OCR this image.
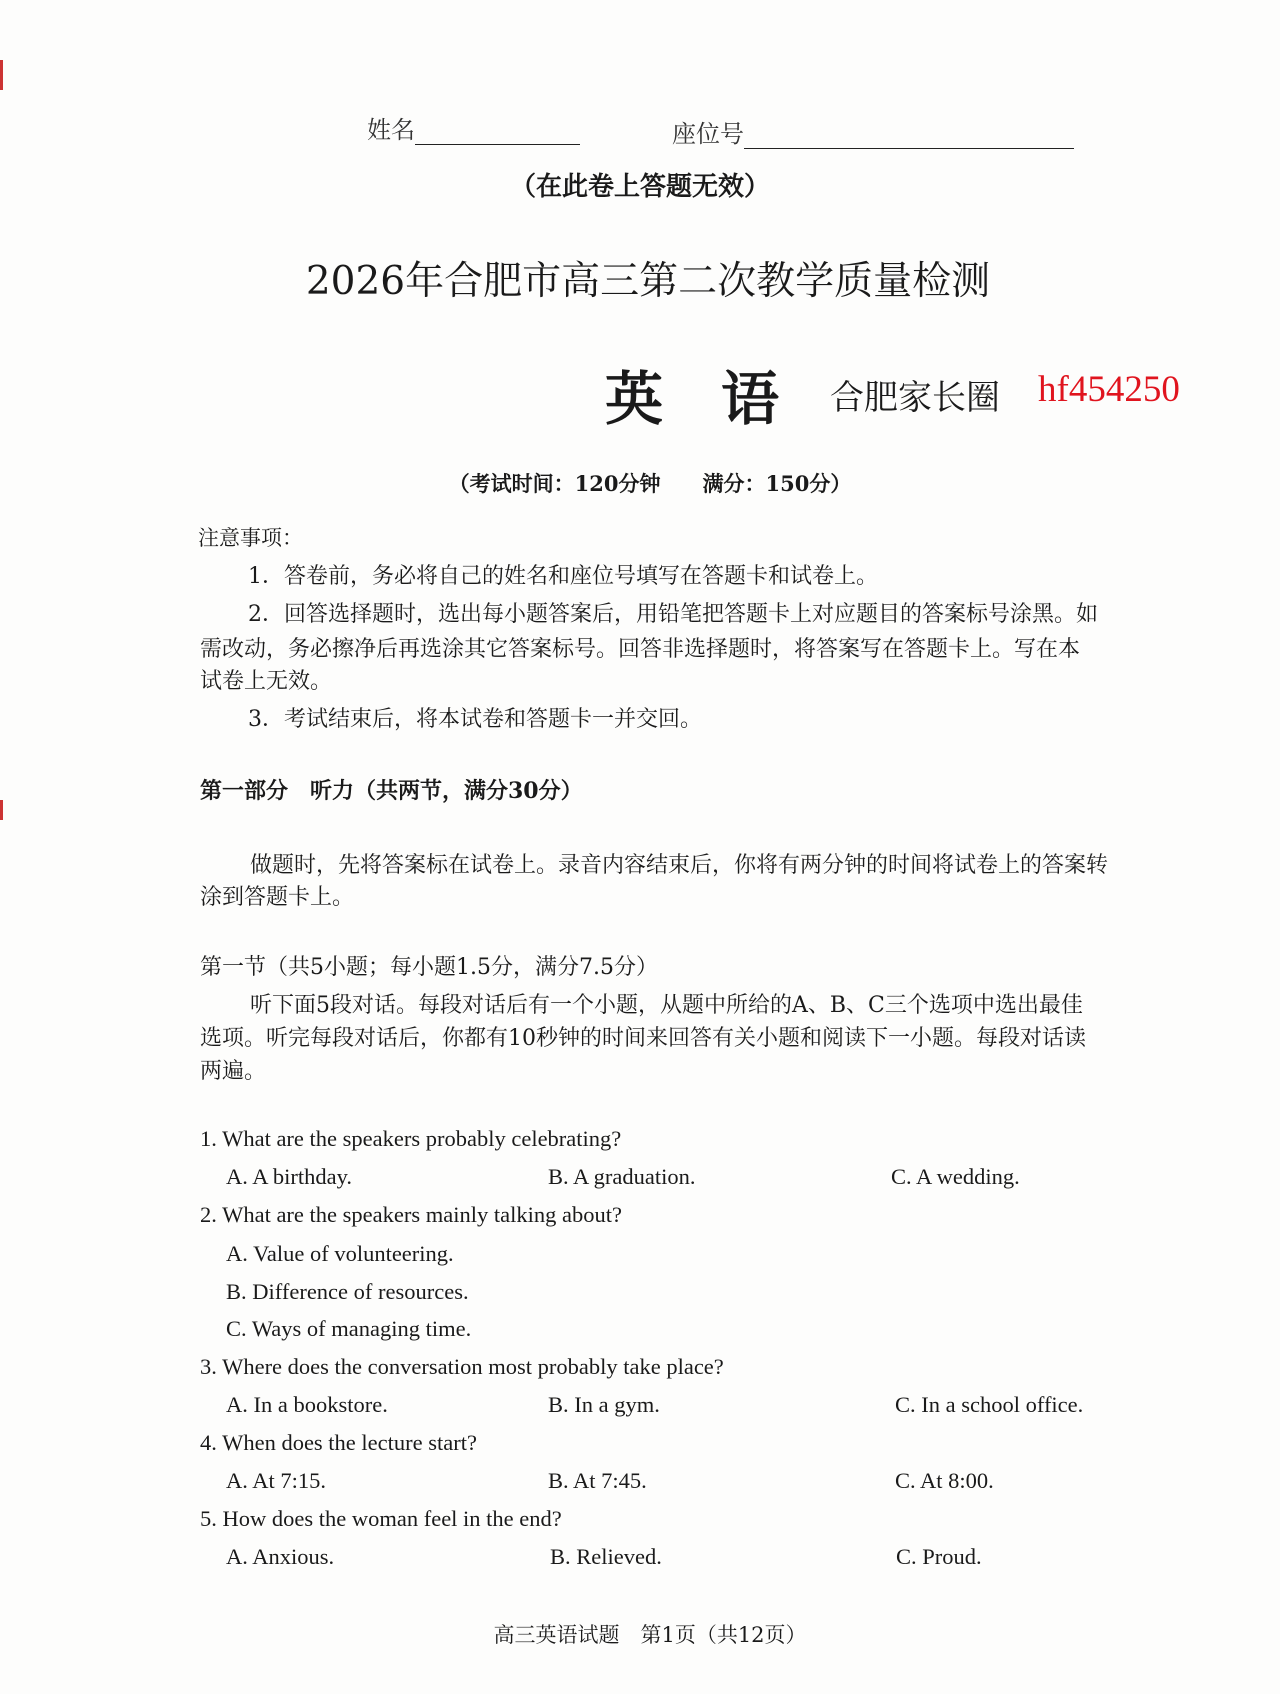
姓名	座位号
（在此卷上答题无效）
2026年合肥市高三第二次教学质量检测
英　语 合肥家长圈 hf454250
（考试时间：120分钟　　满分：150分）
注意事项：
1．答卷前，务必将自己的姓名和座位号填写在答题卡和试卷上。
2．回答选择题时，选出每小题答案后，用铅笔把答题卡上对应题目的答案标号涂黑。如
需改动，务必擦净后再选涂其它答案标号。回答非选择题时，将答案写在答题卡上。写在本
试卷上无效。
3．考试结束后，将本试卷和答题卡一并交回。
第一部分　听力（共两节，满分30分）
做题时，先将答案标在试卷上。录音内容结束后，你将有两分钟的时间将试卷上的答案转
涂到答题卡上。
第一节（共5小题；每小题1.5分，满分7.5分）
听下面5段对话。每段对话后有一个小题，从题中所给的A、B、C三个选项中选出最佳
选项。听完每段对话后，你都有10秒钟的时间来回答有关小题和阅读下一小题。每段对话读
两遍。
1. What are the speakers probably celebrating?
A. A birthday.	B. A graduation.	C. A wedding.
2. What are the speakers mainly talking about?
A. Value of volunteering.
B. Difference of resources.
C. Ways of managing time.
3. Where does the conversation most probably take place?
A. In a bookstore.	B. In a gym.	C. In a school office.
4. When does the lecture start?
A. At 7:15.	B. At 7:45.	C. At 8:00.
5. How does the woman feel in the end?
A. Anxious.	B. Relieved.	C. Proud.
高三英语试题　第1页（共12页）
